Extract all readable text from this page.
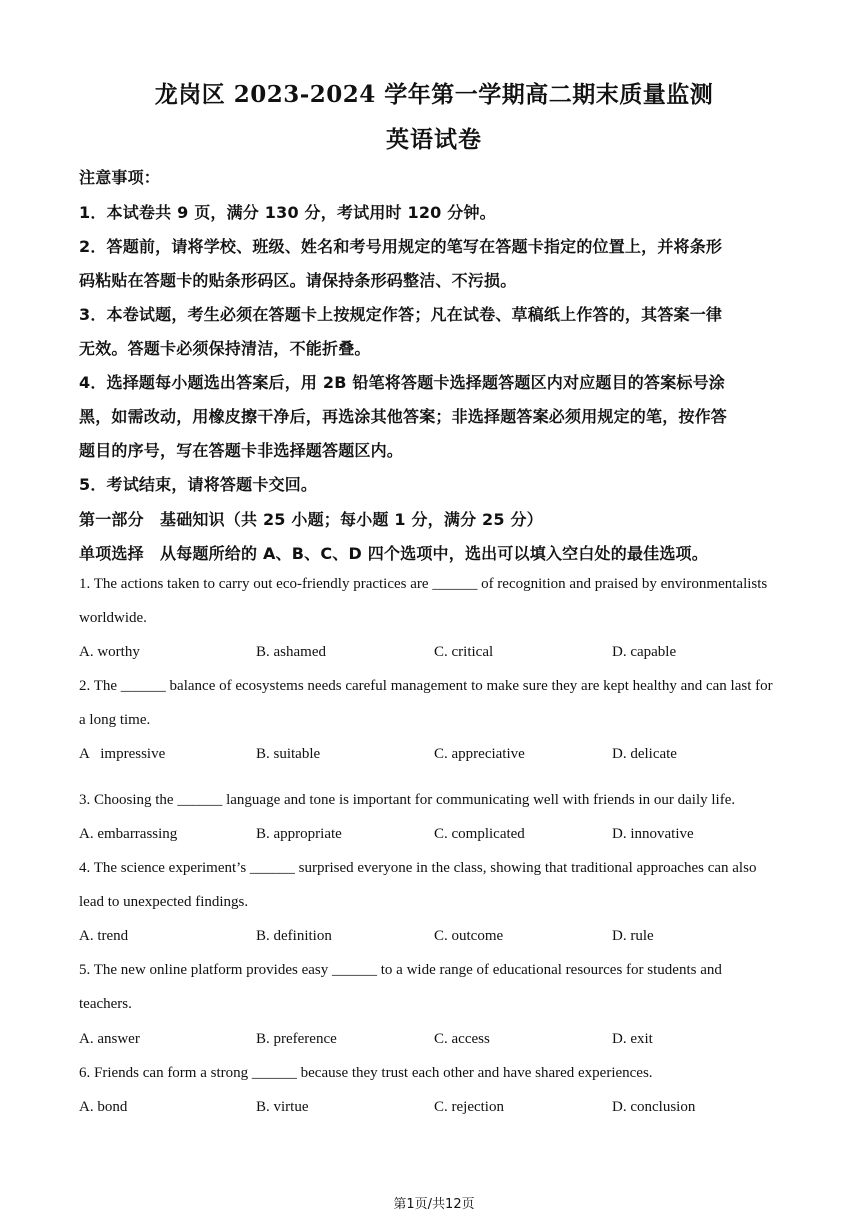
龙岗区 2023-2024 学年第一学期高二期末质量监测
英语试卷
注意事项：
1．本试卷共 9 页，满分 130 分，考试用时 120 分钟。
2．答题前，请将学校、班级、姓名和考号用规定的笔写在答题卡指定的位置上，并将条形
码粘贴在答题卡的贴条形码区。请保持条形码整洁、不污损。
3．本卷试题，考生必须在答题卡上按规定作答；凡在试卷、草稿纸上作答的，其答案一律
无效。答题卡必须保持清洁，不能折叠。
4．选择题每小题选出答案后，用 2B 铅笔将答题卡选择题答题区内对应题目的答案标号涂
黑，如需改动，用橡皮擦干净后，再选涂其他答案；非选择题答案必须用规定的笔，按作答
题目的序号，写在答题卡非选择题答题区内。
5．考试结束，请将答题卡交回。
第一部分　基础知识（共 25 小题；每小题 1 分，满分 25 分）
单项选择　从每题所给的 A、B、C、D 四个选项中，选出可以填入空白处的最佳选项。
1. The actions taken to carry out eco-friendly practices are ______ of recognition and praised by environmentalists
worldwide.
A. worthy	B. ashamed	C. critical	D. capable
2. The ______ balance of ecosystems needs careful management to make sure they are kept healthy and can last for
a long time.
A   impressive	B. suitable	C. appreciative	D. delicate
3. Choosing the ______ language and tone is important for communicating well with friends in our daily life.
A. embarrassing	B. appropriate	C. complicated	D. innovative
4. The science experiment’s ______ surprised everyone in the class, showing that traditional approaches can also
lead to unexpected findings.
A. trend	B. definition	C. outcome	D. rule
5. The new online platform provides easy ______ to a wide range of educational resources for students and
teachers.
A. answer	B. preference	C. access	D. exit
6. Friends can form a strong ______ because they trust each other and have shared experiences.
A. bond	B. virtue	C. rejection	D. conclusion
第1页/共12页
